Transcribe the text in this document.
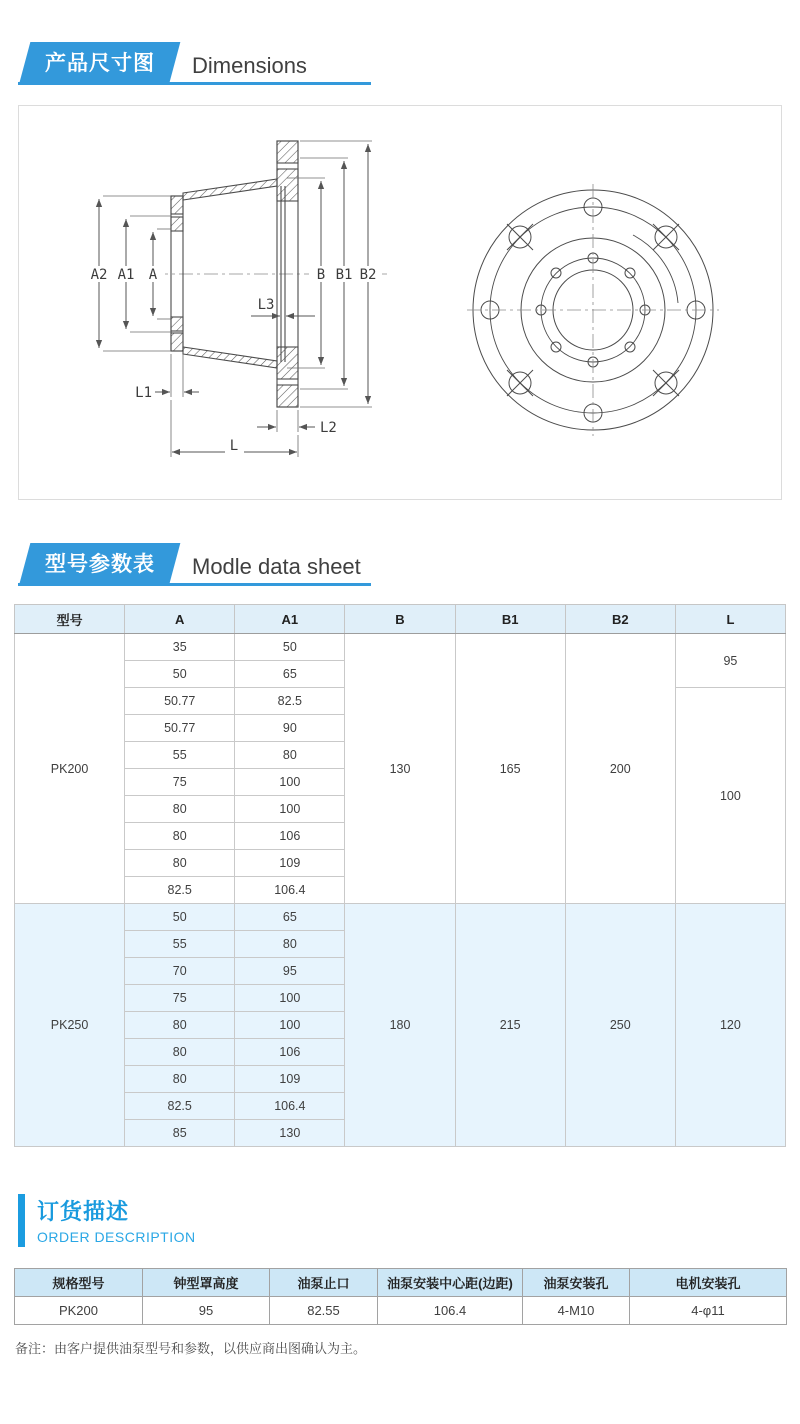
产品尺寸图	Dimensions
A2 A1 A	B B1 B2
L3
L1
L2
L
型号参数表	Modle data sheet
型号	A	A1	B	B1	B2	L
PK200	35	50	130	165	200	95
	50	65				
	50.77	82.5				100
	50.77	90				
	55	80				
	75	100				
	80	100				
	80	106				
	80	109				
	82.5	106.4				
PK250	50	65	180	215	250	120
	55	80				
	70	95				
	75	100				
	80	100				
	80	106				
	80	109				
	82.5	106.4				
	85	130				
订货描述
ORDER DESCRIPTION
规格型号	钟型罩高度	油泵止口	油泵安装中心距(边距)	油泵安装孔	电机安装孔
PK200	95	82.55	106.4	4-M10	4-φ11
备注：由客户提供油泵型号和参数，以供应商出图确认为主。
